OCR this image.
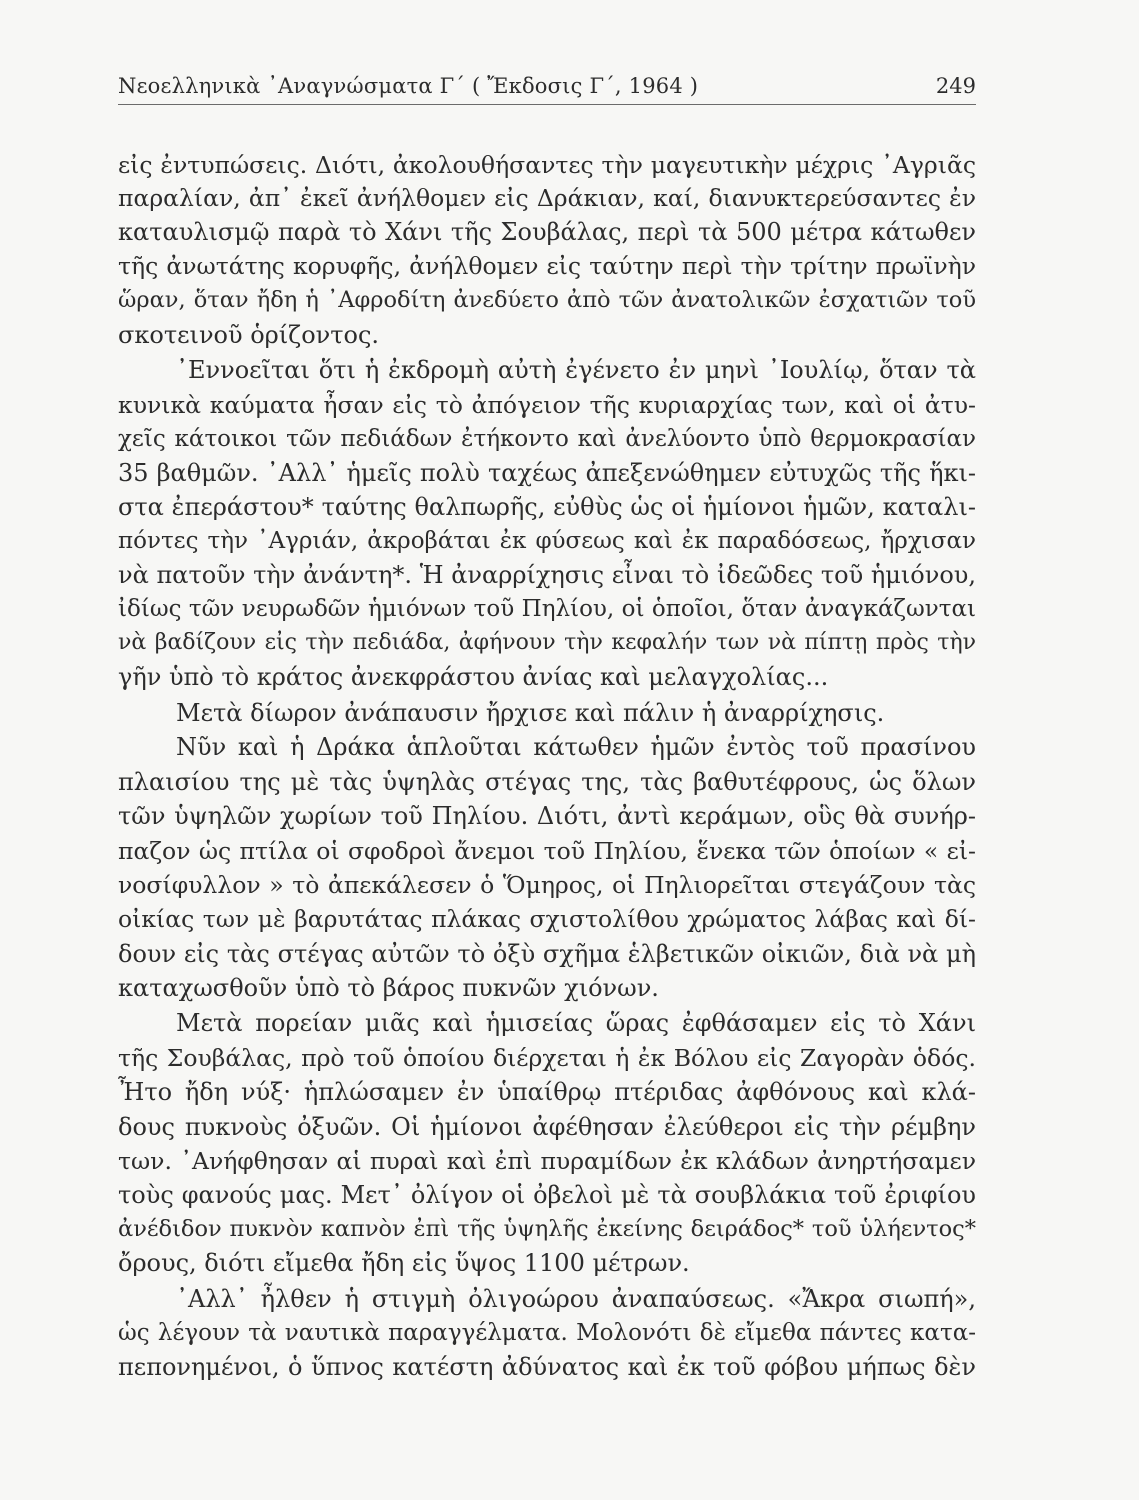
Νεοελληνικὰ ᾿Αναγνώσματα Γ΄ ( Ἔκδοσις Γ΄, 1964 )	249
εἰς ἐντυπώσεις. Διότι, ἀκολουθήσαντες τὴν μαγευτικὴν μέχρις ᾿Αγριᾶς
παραλίαν, ἀπ᾿ ἐκεῖ ἀνήλθομεν εἰς Δράκιαν, καί, διανυκτερεύσαντες ἐν
καταυλισμῷ παρὰ τὸ Χάνι τῆς Σουβάλας, περὶ τὰ 500 μέτρα κάτωθεν
τῆς ἀνωτάτης κορυφῆς, ἀνήλθομεν εἰς ταύτην περὶ τὴν τρίτην πρωϊνὴν
ὥραν, ὅταν ἤδη ἡ ᾿Αφροδίτη ἀνεδύετο ἀπὸ τῶν ἀνατολικῶν ἐσχατιῶν τοῦ
σκοτεινοῦ ὁρίζοντος.
᾿Εννοεῖται ὅτι ἡ ἐκδρομὴ αὐτὴ ἐγένετο ἐν μηνὶ ᾿Ιουλίῳ, ὅταν τὰ
κυνικὰ καύματα ἦσαν εἰς τὸ ἀπόγειον τῆς κυριαρχίας των, καὶ οἱ ἀτυ-
χεῖς κάτοικοι τῶν πεδιάδων ἐτήκοντο καὶ ἀνελύοντο ὑπὸ θερμοκρασίαν
35 βαθμῶν. ᾿Αλλ᾿ ἡμεῖς πολὺ ταχέως ἀπεξενώθημεν εὐτυχῶς τῆς ἥκι-
στα ἐπεράστου* ταύτης θαλπωρῆς, εὐθὺς ὡς οἱ ἡμίονοι ἡμῶν, καταλι-
πόντες τὴν ᾿Αγριάν, ἀκροβάται ἐκ φύσεως καὶ ἐκ παραδόσεως, ἤρχισαν
νὰ πατοῦν τὴν ἀνάντη*. Ἡ ἀναρρίχησις εἶναι τὸ ἰδεῶδες τοῦ ἡμιόνου,
ἰδίως τῶν νευρωδῶν ἡμιόνων τοῦ Πηλίου, οἱ ὁποῖοι, ὅταν ἀναγκάζωνται
νὰ βαδίζουν εἰς τὴν πεδιάδα, ἀφήνουν τὴν κεφαλήν των νὰ πίπτῃ πρὸς τὴν
γῆν ὑπὸ τὸ κράτος ἀνεκφράστου ἀνίας καὶ μελαγχολίας...
Μετὰ δίωρον ἀνάπαυσιν ἤρχισε καὶ πάλιν ἡ ἀναρρίχησις.
Νῦν καὶ ἡ Δράκα ἁπλοῦται κάτωθεν ἡμῶν ἐντὸς τοῦ πρασίνου
πλαισίου της μὲ τὰς ὑψηλὰς στέγας της, τὰς βαθυτέφρους, ὡς ὅλων
τῶν ὑψηλῶν χωρίων τοῦ Πηλίου. Διότι, ἀντὶ κεράμων, οὓς θὰ συνήρ-
παζον ὡς πτίλα οἱ σφοδροὶ ἄνεμοι τοῦ Πηλίου, ἕνεκα τῶν ὁποίων « εἰ-
νοσίφυλλον » τὸ ἀπεκάλεσεν ὁ Ὅμηρος, οἱ Πηλιορεῖται στεγάζουν τὰς
οἰκίας των μὲ βαρυτάτας πλάκας σχιστολίθου χρώματος λάβας καὶ δί-
δουν εἰς τὰς στέγας αὐτῶν τὸ ὀξὺ σχῆμα ἑλβετικῶν οἰκιῶν, διὰ νὰ μὴ
καταχωσθοῦν ὑπὸ τὸ βάρος πυκνῶν χιόνων.
Μετὰ πορείαν μιᾶς καὶ ἡμισείας ὥρας ἐφθάσαμεν εἰς τὸ Χάνι
τῆς Σουβάλας, πρὸ τοῦ ὁποίου διέρχεται ἡ ἐκ Βόλου εἰς Ζαγορὰν ὁδός.
Ἦτο ἤδη νύξ· ἡπλώσαμεν ἐν ὑπαίθρῳ πτέριδας ἀφθόνους καὶ κλά-
δους πυκνοὺς ὀξυῶν. Οἱ ἡμίονοι ἀφέθησαν ἐλεύθεροι εἰς τὴν ρέμβην
των. ᾿Ανήφθησαν αἱ πυραὶ καὶ ἐπὶ πυραμίδων ἐκ κλάδων ἀνηρτήσαμεν
τοὺς φανούς μας. Μετ᾿ ὀλίγον οἱ ὀβελοὶ μὲ τὰ σουβλάκια τοῦ ἐριφίου
ἀνέδιδον πυκνὸν καπνὸν ἐπὶ τῆς ὑψηλῆς ἐκείνης δειράδος* τοῦ ὑλήεντος*
ὄρους, διότι εἴμεθα ἤδη εἰς ὕψος 1100 μέτρων.
᾿Αλλ᾿ ἦλθεν ἡ στιγμὴ ὀλιγοώρου ἀναπαύσεως. «Ἄκρα σιωπή»,
ὡς λέγουν τὰ ναυτικὰ παραγγέλματα. Μολονότι δὲ εἴμεθα πάντες κατα-
πεπονημένοι, ὁ ὕπνος κατέστη ἀδύνατος καὶ ἐκ τοῦ φόβου μήπως δὲν
